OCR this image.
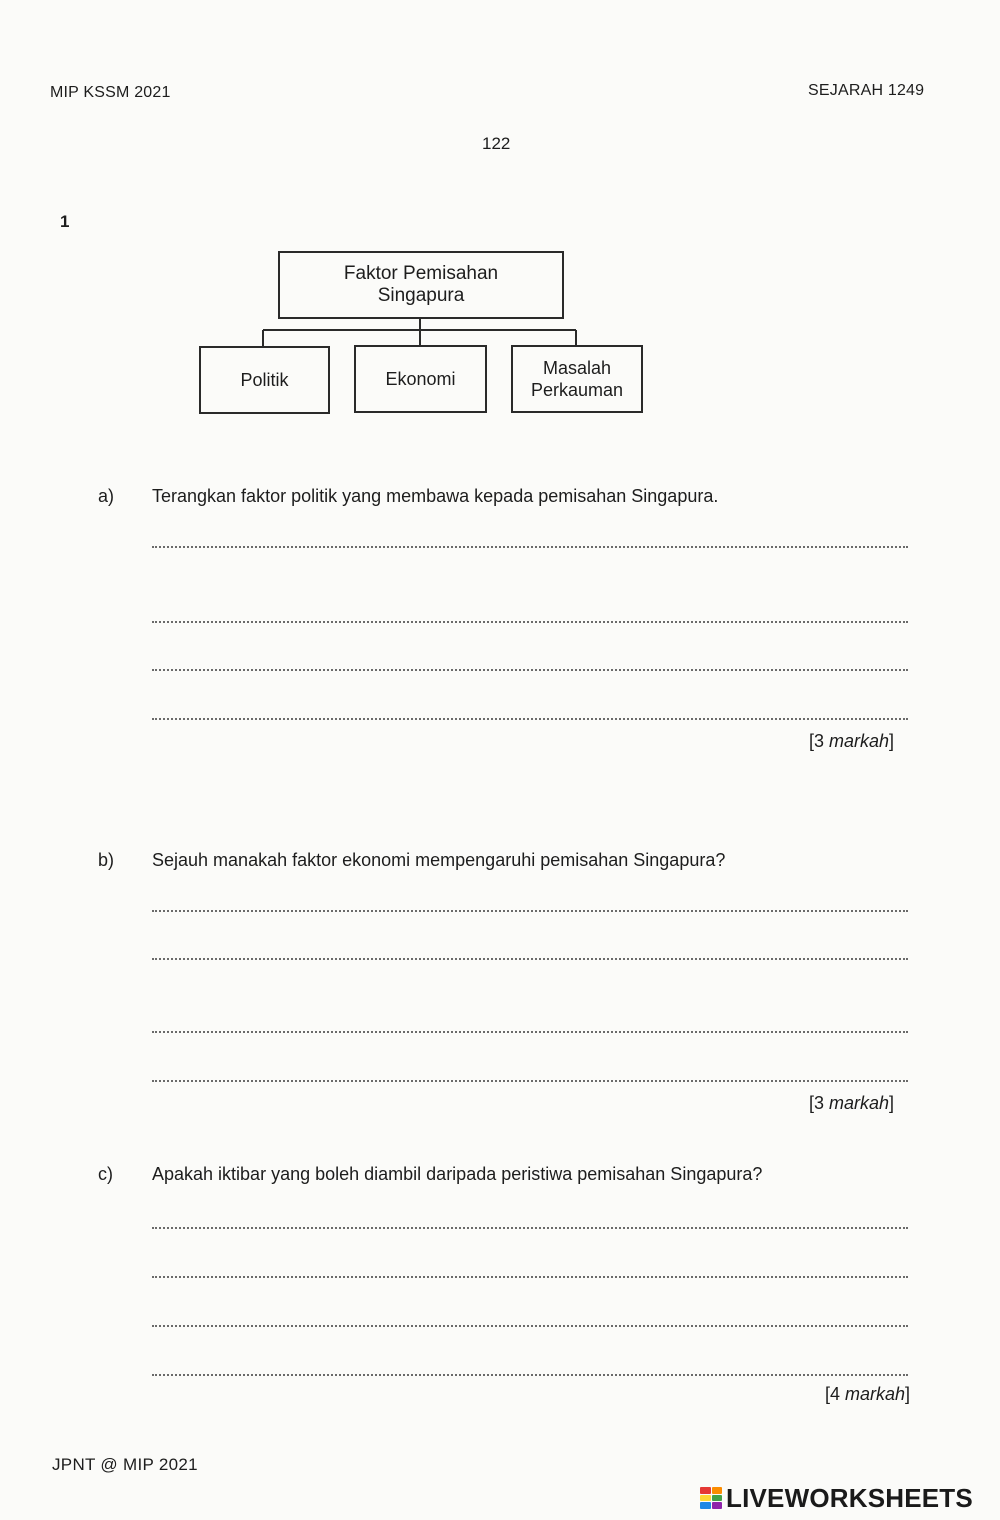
MIP KSSM 2021	SEJARAH 1249
122
1
Faktor Pemisahan
Singapura
Politik	Ekonomi
Masalah
Perkauman
a) Terangkan faktor politik yang membawa kepada pemisahan Singapura.
[3 markah]
b) Sejauh manakah faktor ekonomi mempengaruhi pemisahan Singapura?
[3 markah]
c) Apakah iktibar yang boleh diambil daripada peristiwa pemisahan Singapura?
[4 markah]
JPNT @ MIP 2021
LIVEWORKSHEETS
